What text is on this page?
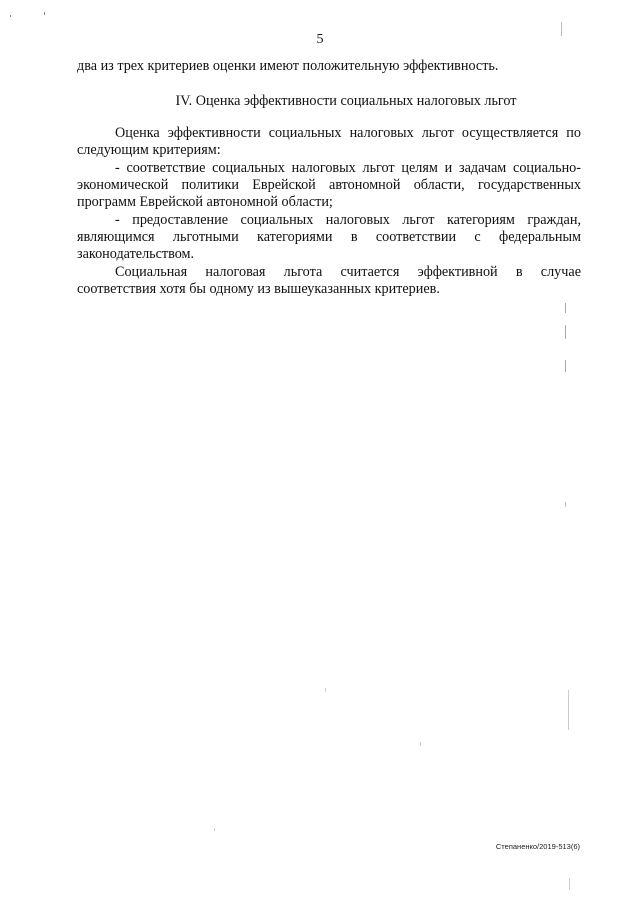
5
два из трех критериев оценки имеют положительную эффективность.
IV. Оценка эффективности социальных налоговых льгот
Оценка эффективности социальных налоговых льгот осуществляется по
следующим критериям:
- соответствие социальных налоговых льгот целям и задачам социально-
экономической политики Еврейской автономной области, государственных
программ Еврейской автономной области;
- предоставление социальных налоговых льгот категориям граждан,
являющимся льготными категориями в соответствии с федеральным
законодательством.
Социальная налоговая льгота считается эффективной в случае
соответствия хотя бы одному из вышеуказанных критериев.
Степаненко/2019-513(6)
